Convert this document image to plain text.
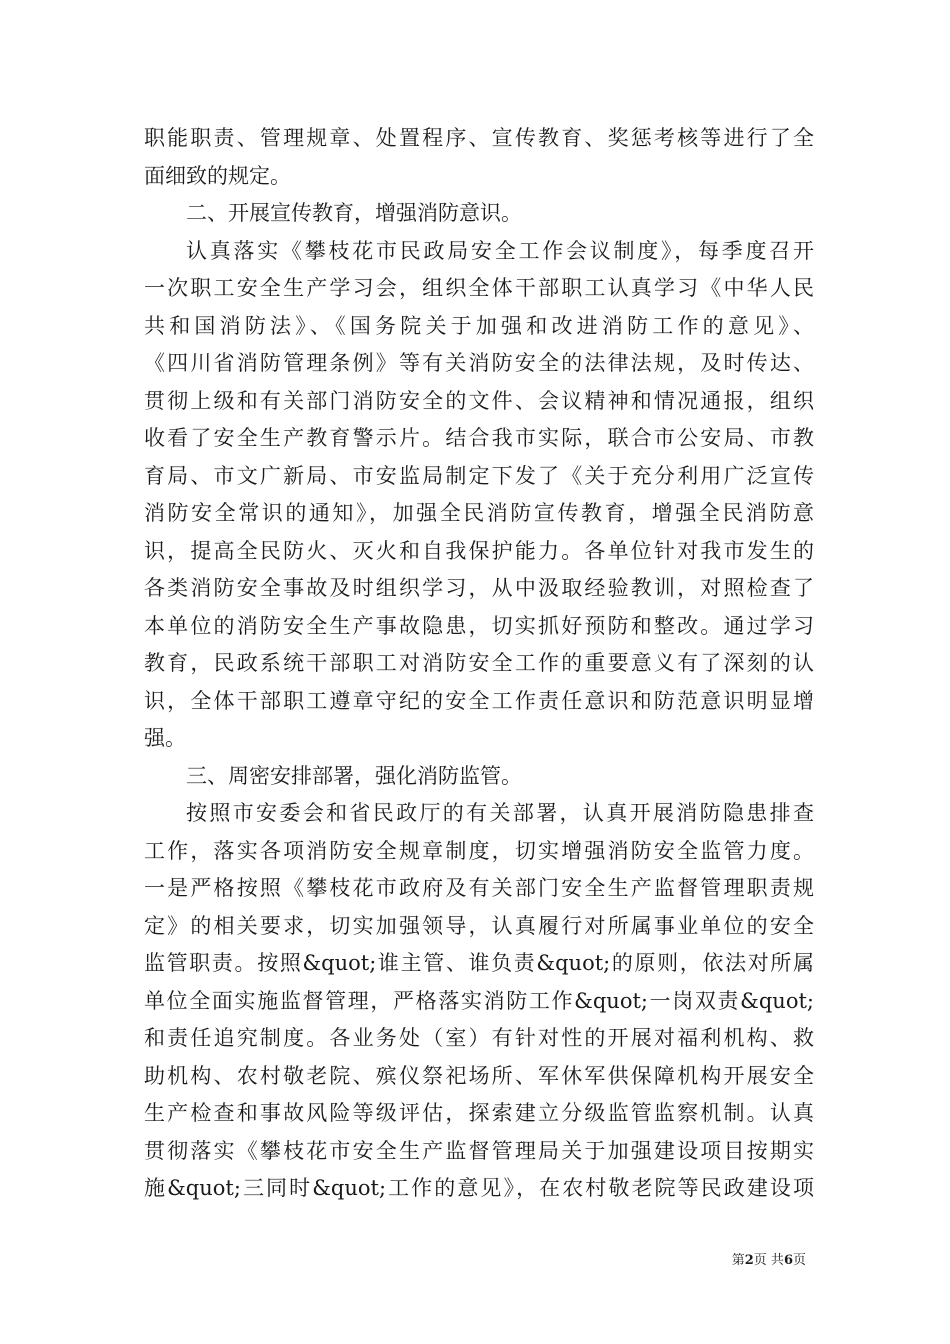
职能职责、管理规章、处置程序、宣传教育、奖惩考核等进行了全
面细致的规定。
二、开展宣传教育，增强消防意识。
认真落实《攀枝花市民政局安全工作会议制度》，每季度召开
一次职工安全生产学习会，组织全体干部职工认真学习《中华人民
共和国消防法》、《国务院关于加强和改进消防工作的意见》、
《四川省消防管理条例》等有关消防安全的法律法规，及时传达、
贯彻上级和有关部门消防安全的文件、会议精神和情况通报，组织
收看了安全生产教育警示片。结合我市实际，联合市公安局、市教
育局、市文广新局、市安监局制定下发了《关于充分利用广泛宣传
消防安全常识的通知》，加强全民消防宣传教育，增强全民消防意
识，提高全民防火、灭火和自我保护能力。各单位针对我市发生的
各类消防安全事故及时组织学习，从中汲取经验教训，对照检查了
本单位的消防安全生产事故隐患，切实抓好预防和整改。通过学习
教育，民政系统干部职工对消防安全工作的重要意义有了深刻的认
识，全体干部职工遵章守纪的安全工作责任意识和防范意识明显增
强。
三、周密安排部署，强化消防监管。
按照市安委会和省民政厅的有关部署，认真开展消防隐患排查
工作，落实各项消防安全规章制度，切实增强消防安全监管力度。
一是严格按照《攀枝花市政府及有关部门安全生产监督管理职责规
定》的相关要求，切实加强领导，认真履行对所属事业单位的安全
监管职责。按照&quot;谁主管、谁负责&quot;的原则，依法对所属
单位全面实施监督管理，严格落实消防工作&quot;一岗双责&quot;
和责任追究制度。各业务处（室）有针对性的开展对福利机构、救
助机构、农村敬老院、殡仪祭祀场所、军休军供保障机构开展安全
生产检查和事故风险等级评估，探索建立分级监管监察机制。认真
贯彻落实《攀枝花市安全生产监督管理局关于加强建设项目按期实
施&quot;三同时&quot;工作的意见》，在农村敬老院等民政建设项
第2页 共6页
